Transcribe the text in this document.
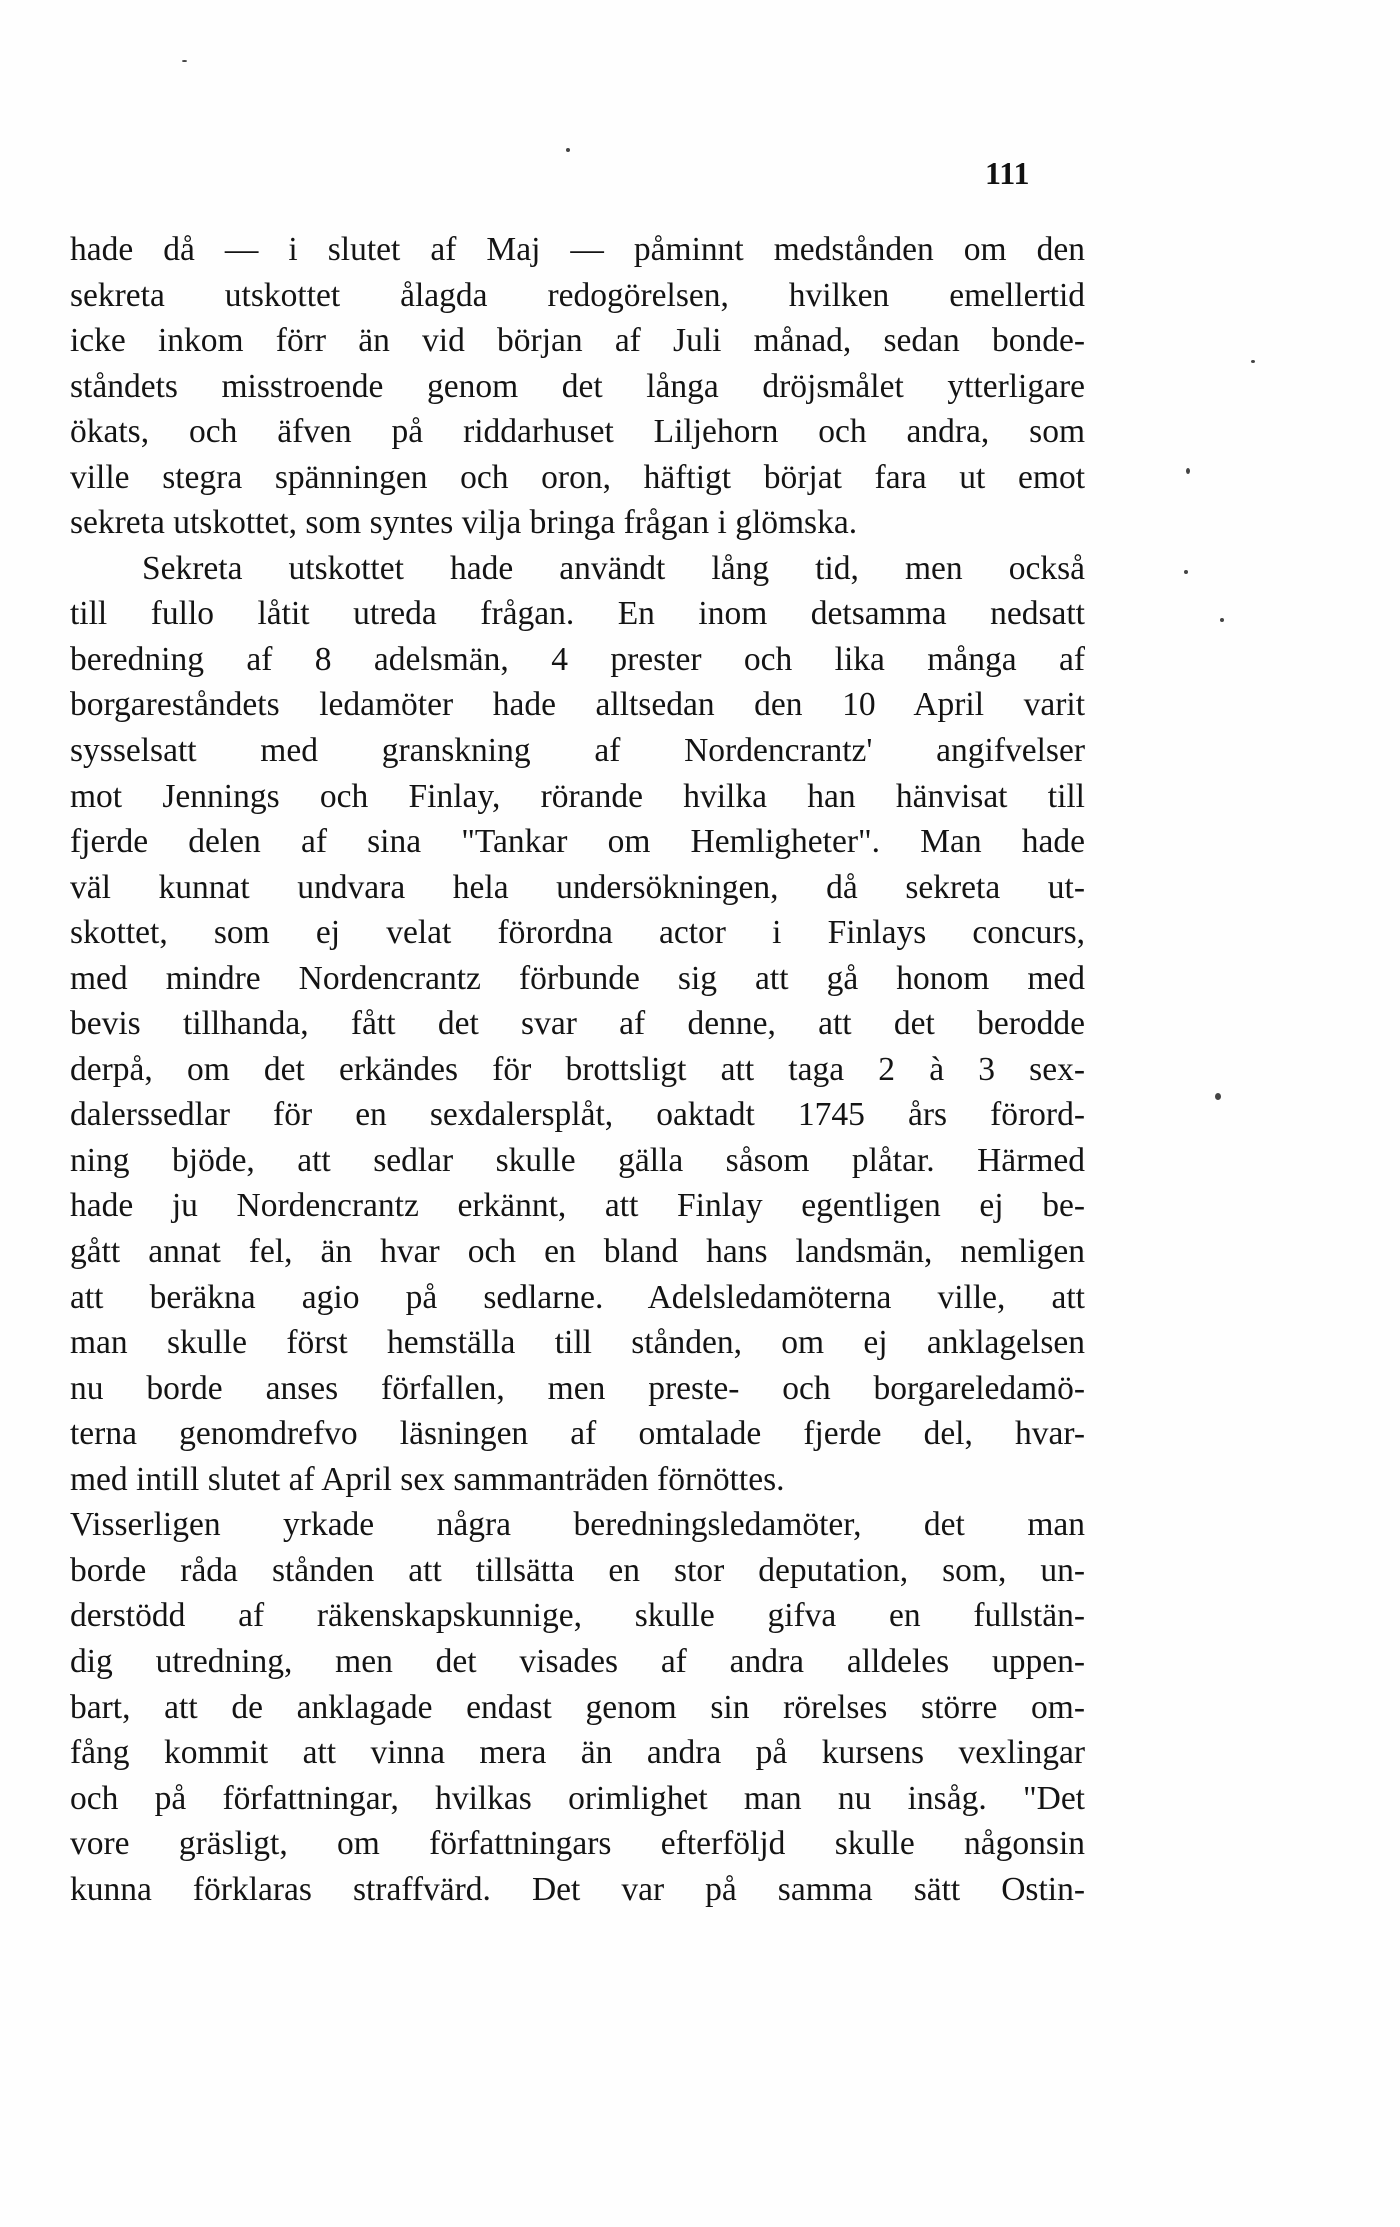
111
hade då — i slutet af Maj — påminnt medstånden om den
sekreta utskottet ålagda redogörelsen, hvilken emellertid
icke inkom förr än vid början af Juli månad, sedan bonde-
ståndets misstroende genom det långa dröjsmålet ytterligare
ökats, och äfven på riddarhuset Liljehorn och andra, som
ville stegra spänningen och oron, häftigt börjat fara ut emot
sekreta utskottet, som syntes vilja bringa frågan i glömska.
Sekreta utskottet hade användt lång tid, men också
till fullo låtit utreda frågan. En inom detsamma nedsatt
beredning af 8 adelsmän, 4 prester och lika många af
borgareståndets ledamöter hade alltsedan den 10 April varit
sysselsatt med granskning af Nordencrantz' angifvelser
mot Jennings och Finlay, rörande hvilka han hänvisat till
fjerde delen af sina "Tankar om Hemligheter". Man hade
väl kunnat undvara hela undersökningen, då sekreta ut-
skottet, som ej velat förordna actor i Finlays concurs,
med mindre Nordencrantz förbunde sig att gå honom med
bevis tillhanda, fått det svar af denne, att det berodde
derpå, om det erkändes för brottsligt att taga 2 à 3 sex-
dalerssedlar för en sexdalersplåt, oaktadt 1745 års förord-
ning bjöde, att sedlar skulle gälla såsom plåtar. Härmed
hade ju Nordencrantz erkännt, att Finlay egentligen ej be-
gått annat fel, än hvar och en bland hans landsmän, nemligen
att beräkna agio på sedlarne. Adelsledamöterna ville, att
man skulle först hemställa till stånden, om ej anklagelsen
nu borde anses förfallen, men preste- och borgareledamö-
terna genomdrefvo läsningen af omtalade fjerde del, hvar-
med intill slutet af April sex sammanträden förnöttes.
Visserligen yrkade några beredningsledamöter, det man
borde råda stånden att tillsätta en stor deputation, som, un-
derstödd af räkenskapskunnige, skulle gifva en fullstän-
dig utredning, men det visades af andra alldeles uppen-
bart, att de anklagade endast genom sin rörelses större om-
fång kommit att vinna mera än andra på kursens vexlingar
och på författningar, hvilkas orimlighet man nu insåg. "Det
vore gräsligt, om författningars efterföljd skulle någonsin
kunna förklaras straffvärd. Det var på samma sätt Ostin-
